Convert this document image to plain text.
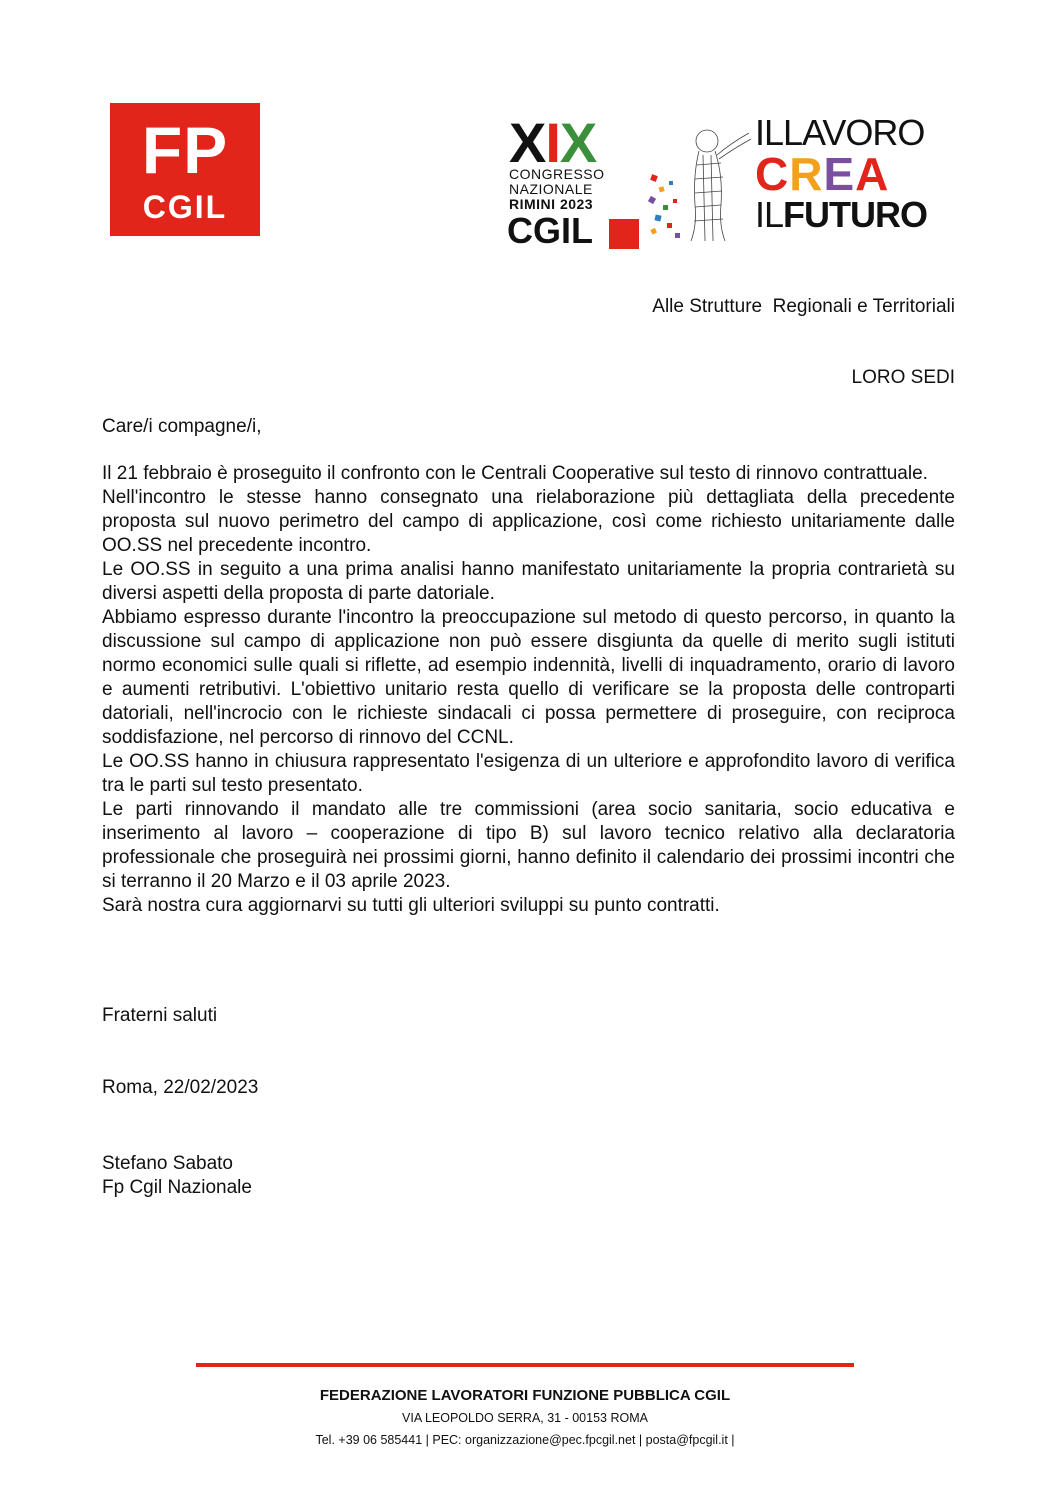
FP
CGIL
XIX
CONGRESSO
NAZIONALE
RIMINI 2023
CGIL
ILLAVORO
CREA
ILFUTURO
Alle Strutture  Regionali e Territoriali
LORO SEDI
Care/i compagne/i,

Il 21 febbraio è proseguito il confronto con le Centrali Cooperative sul testo di rinnovo contrattuale.

Nell'incontro le stesse hanno consegnato una rielaborazione più dettagliata della precedente proposta sul nuovo perimetro del campo di applicazione, così come richiesto unitariamente dalle OO.SS nel precedente incontro.

Le OO.SS in seguito a una prima analisi hanno manifestato unitariamente la propria contrarietà su diversi aspetti della proposta di parte datoriale.

Abbiamo espresso durante l'incontro la preoccupazione sul metodo di questo percorso, in quanto la discussione sul campo di applicazione non può essere disgiunta da quelle di merito sugli istituti normo economici sulle quali si riflette, ad esempio indennità, livelli di inquadramento, orario di lavoro e aumenti retributivi. L'obiettivo unitario resta quello di verificare se la proposta delle controparti datoriali, nell'incrocio con le richieste sindacali ci possa permettere di proseguire, con reciproca soddisfazione, nel percorso di rinnovo del CCNL.

Le OO.SS hanno in chiusura rappresentato l'esigenza di un ulteriore e approfondito lavoro di verifica tra le parti sul testo presentato.

Le parti rinnovando il mandato alle tre commissioni (area socio sanitaria, socio educativa e inserimento al lavoro – cooperazione di tipo B) sul lavoro tecnico relativo alla declaratoria professionale che proseguirà nei prossimi giorni, hanno definito il calendario dei prossimi incontri che si terranno il 20 Marzo e il 03 aprile 2023.

Sarà nostra cura aggiornarvi su tutti gli ulteriori sviluppi su punto contratti.

Fraterni saluti
Roma, 22/02/2023
Stefano Sabato
Fp Cgil Nazionale
FEDERAZIONE LAVORATORI FUNZIONE PUBBLICA CGIL
VIA LEOPOLDO SERRA, 31 - 00153 ROMA
Tel. +39 06 585441 | PEC: organizzazione@pec.fpcgil.net | posta@fpcgil.it |
